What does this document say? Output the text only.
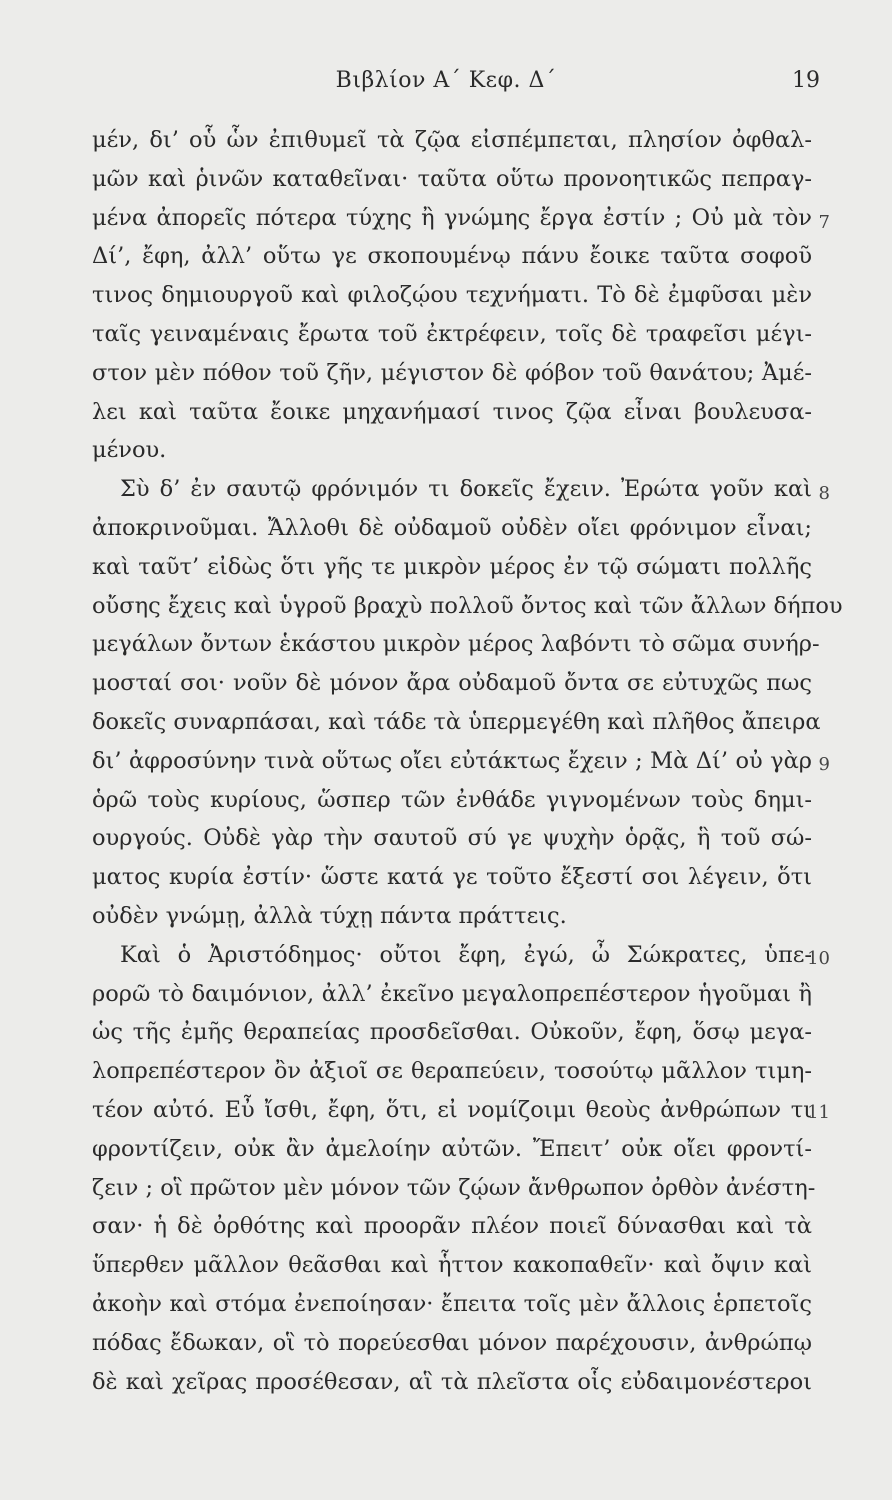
Βιβλίον Α΄ Κεφ. Δ΄	19
μέν, δι’ οὗ ὧν ἐπιθυμεῖ τὰ ζῷα εἰσπέμπεται, πλησίον ὀφθαλ-
μῶν καὶ ῥινῶν καταθεῖναι· ταῦτα οὕτω προνοητικῶς πεπραγ-
μένα ἀπορεῖς πότερα τύχης ἢ γνώμης ἔργα ἐστίν ; Οὐ μὰ τὸν
Δί’, ἔφη, ἀλλ’ οὕτω γε σκοπουμένῳ πάνυ ἔοικε ταῦτα σοφοῦ
τινος δημιουργοῦ καὶ φιλοζῴου τεχνήματι. Τὸ δὲ ἐμφῦσαι μὲν
ταῖς γειναμέναις ἔρωτα τοῦ ἐκτρέφειν, τοῖς δὲ τραφεῖσι μέγι-
στον μὲν πόθον τοῦ ζῆν, μέγιστον δὲ φόβον τοῦ θανάτου; Ἀμέ-
λει καὶ ταῦτα ἔοικε μηχανήμασί τινος ζῷα εἶναι βουλευσα-
μένου.
Σὺ δ’ ἐν σαυτῷ φρόνιμόν τι δοκεῖς ἔχειν. Ἐρώτα γοῦν καὶ
ἀποκρινοῦμαι. Ἄλλοθι δὲ οὐδαμοῦ οὐδὲν οἴει φρόνιμον εἶναι;
καὶ ταῦτ’ εἰδὼς ὅτι γῆς τε μικρὸν μέρος ἐν τῷ σώματι πολλῆς
οὔσης ἔχεις καὶ ὑγροῦ βραχὺ πολλοῦ ὄντος καὶ τῶν ἄλλων δήπου
μεγάλων ὄντων ἑκάστου μικρὸν μέρος λαβόντι τὸ σῶμα συνήρ-
μοσταί σοι· νοῦν δὲ μόνον ἄρα οὐδαμοῦ ὄντα σε εὐτυχῶς πως
δοκεῖς συναρπάσαι, καὶ τάδε τὰ ὑπερμεγέθη καὶ πλῆθος ἄπειρα
δι’ ἀφροσύνην τινὰ οὕτως οἴει εὐτάκτως ἔχειν ; Μὰ Δί’ οὐ γὰρ
ὁρῶ τοὺς κυρίους, ὥσπερ τῶν ἐνθάδε γιγνομένων τοὺς δημι-
ουργούς. Οὐδὲ γὰρ τὴν σαυτοῦ σύ γε ψυχὴν ὁρᾷς, ἣ τοῦ σώ-
ματος κυρία ἐστίν· ὥστε κατά γε τοῦτο ἔξεστί σοι λέγειν, ὅτι
οὐδὲν γνώμῃ, ἀλλὰ τύχῃ πάντα πράττεις.
Καὶ ὁ Ἀριστόδημος· οὔτοι ἔφη, ἐγώ, ὦ Σώκρατες, ὑπε-
ρορῶ τὸ δαιμόνιον, ἀλλ’ ἐκεῖνο μεγαλοπρεπέστερον ἡγοῦμαι ἢ
ὡς τῆς ἐμῆς θεραπείας προσδεῖσθαι. Οὐκοῦν, ἔφη, ὅσῳ μεγα-
λοπρεπέστερον ὂν ἀξιοῖ σε θεραπεύειν, τοσούτῳ μᾶλλον τιμη-
τέον αὐτό. Εὖ ἴσθι, ἔφη, ὅτι, εἰ νομίζοιμι θεοὺς ἀνθρώπων τι
φροντίζειν, οὐκ ἂν ἀμελοίην αὐτῶν. Ἔπειτ’ οὐκ οἴει φροντί-
ζειν ; οἳ πρῶτον μὲν μόνον τῶν ζῴων ἄνθρωπον ὀρθὸν ἀνέστη-
σαν· ἡ δὲ ὀρθότης καὶ προορᾶν πλέον ποιεῖ δύνασθαι καὶ τὰ
ὕπερθεν μᾶλλον θεᾶσθαι καὶ ἧττον κακοπαθεῖν· καὶ ὄψιν καὶ
ἀκοὴν καὶ στόμα ἐνεποίησαν· ἔπειτα τοῖς μὲν ἄλλοις ἑρπετοῖς
πόδας ἔδωκαν, οἳ τὸ πορεύεσθαι μόνον παρέχουσιν, ἀνθρώπῳ
δὲ καὶ χεῖρας προσέθεσαν, αἳ τὰ πλεῖστα οἷς εὐδαιμονέστεροι
7
8
9
10
11
